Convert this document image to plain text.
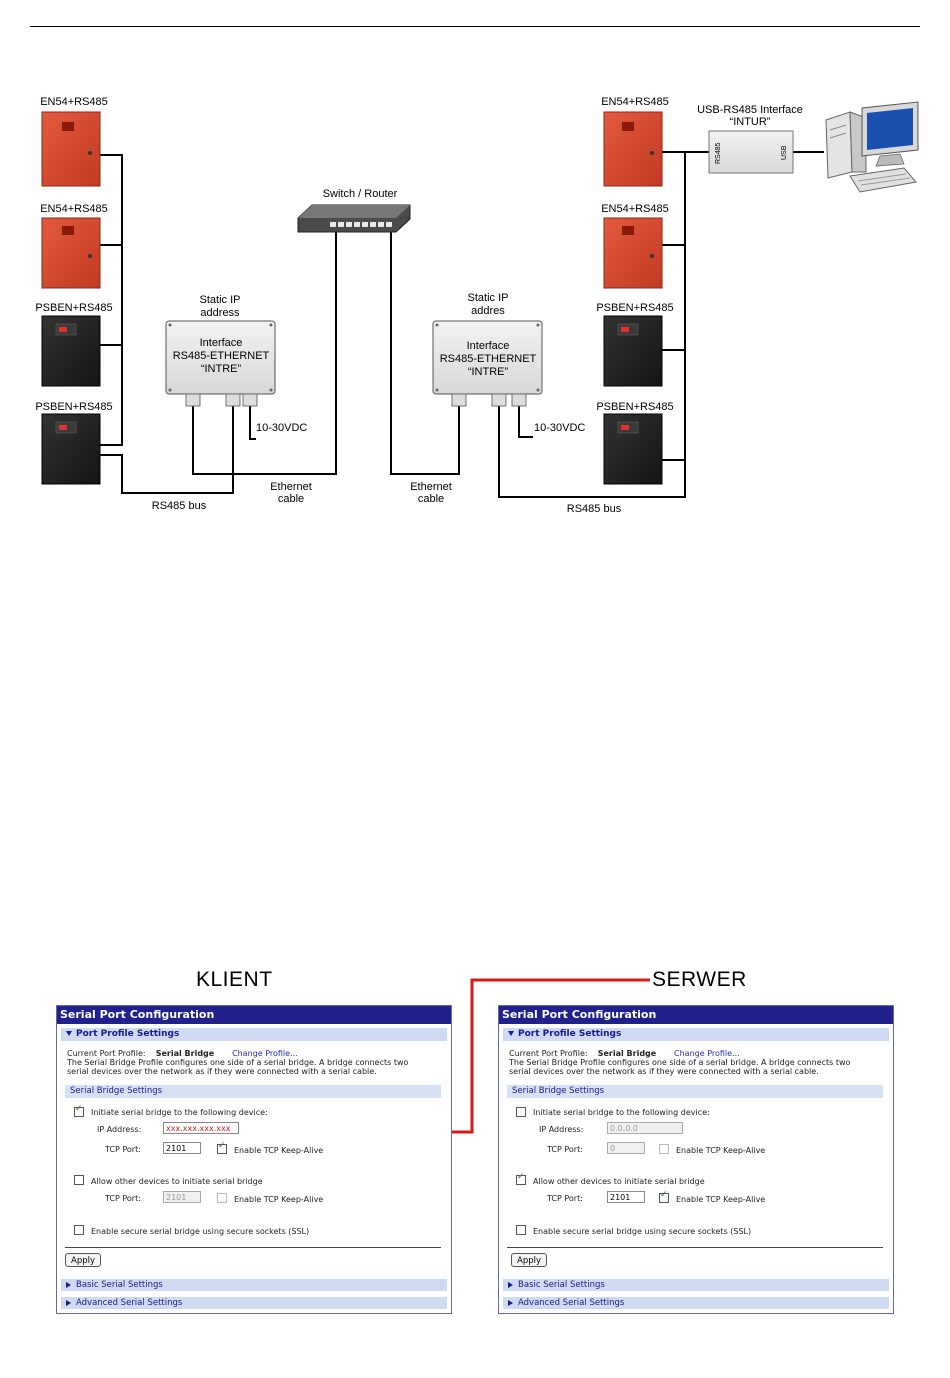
EN54+RS485
EN54+RS485
PSBEN+RS485
PSBEN+RS485
Switch / Router
Static IP
address
Interface
RS485-ETHERNET
“INTRE”
10-30VDC
Static IP
addres
Interface
RS485-ETHERNET
“INTRE”
10-30VDC
EN54+RS485
EN54+RS485
PSBEN+RS485
PSBEN+RS485
USB-RS485 Interface
“INTUR”
RS485	USB
Ethernet
cable
Ethernet
cable
RS485 bus	RS485 bus
KLIENT	SERWER
Serial Port Configuration
Port Profile Settings
Current Port Profile: Serial Bridge Change Profile...
The Serial Bridge Profile configures one side of a serial bridge. A bridge connects two
serial devices over the network as if they were connected with a serial cable.
Serial Bridge Settings
✓
Initiate serial bridge to the following device:
IP Address:	xxx.xxx.xxx.xxx
TCP Port:	2101 ✓	Enable TCP Keep-Alive
Allow other devices to initiate serial bridge
TCP Port:	2101	Enable TCP Keep-Alive
Enable secure serial bridge using secure sockets (SSL)
Apply
Basic Serial Settings
Advanced Serial Settings
Serial Port Configuration
Port Profile Settings
Current Port Profile: Serial Bridge Change Profile...
The Serial Bridge Profile configures one side of a serial bridge. A bridge connects two
serial devices over the network as if they were connected with a serial cable.
Serial Bridge Settings
Initiate serial bridge to the following device:
IP Address:	0.0.0.0
TCP Port:	0	Enable TCP Keep-Alive
✓
Allow other devices to initiate serial bridge
TCP Port:	2101 ✓	Enable TCP Keep-Alive
Enable secure serial bridge using secure sockets (SSL)
Apply
Basic Serial Settings
Advanced Serial Settings
